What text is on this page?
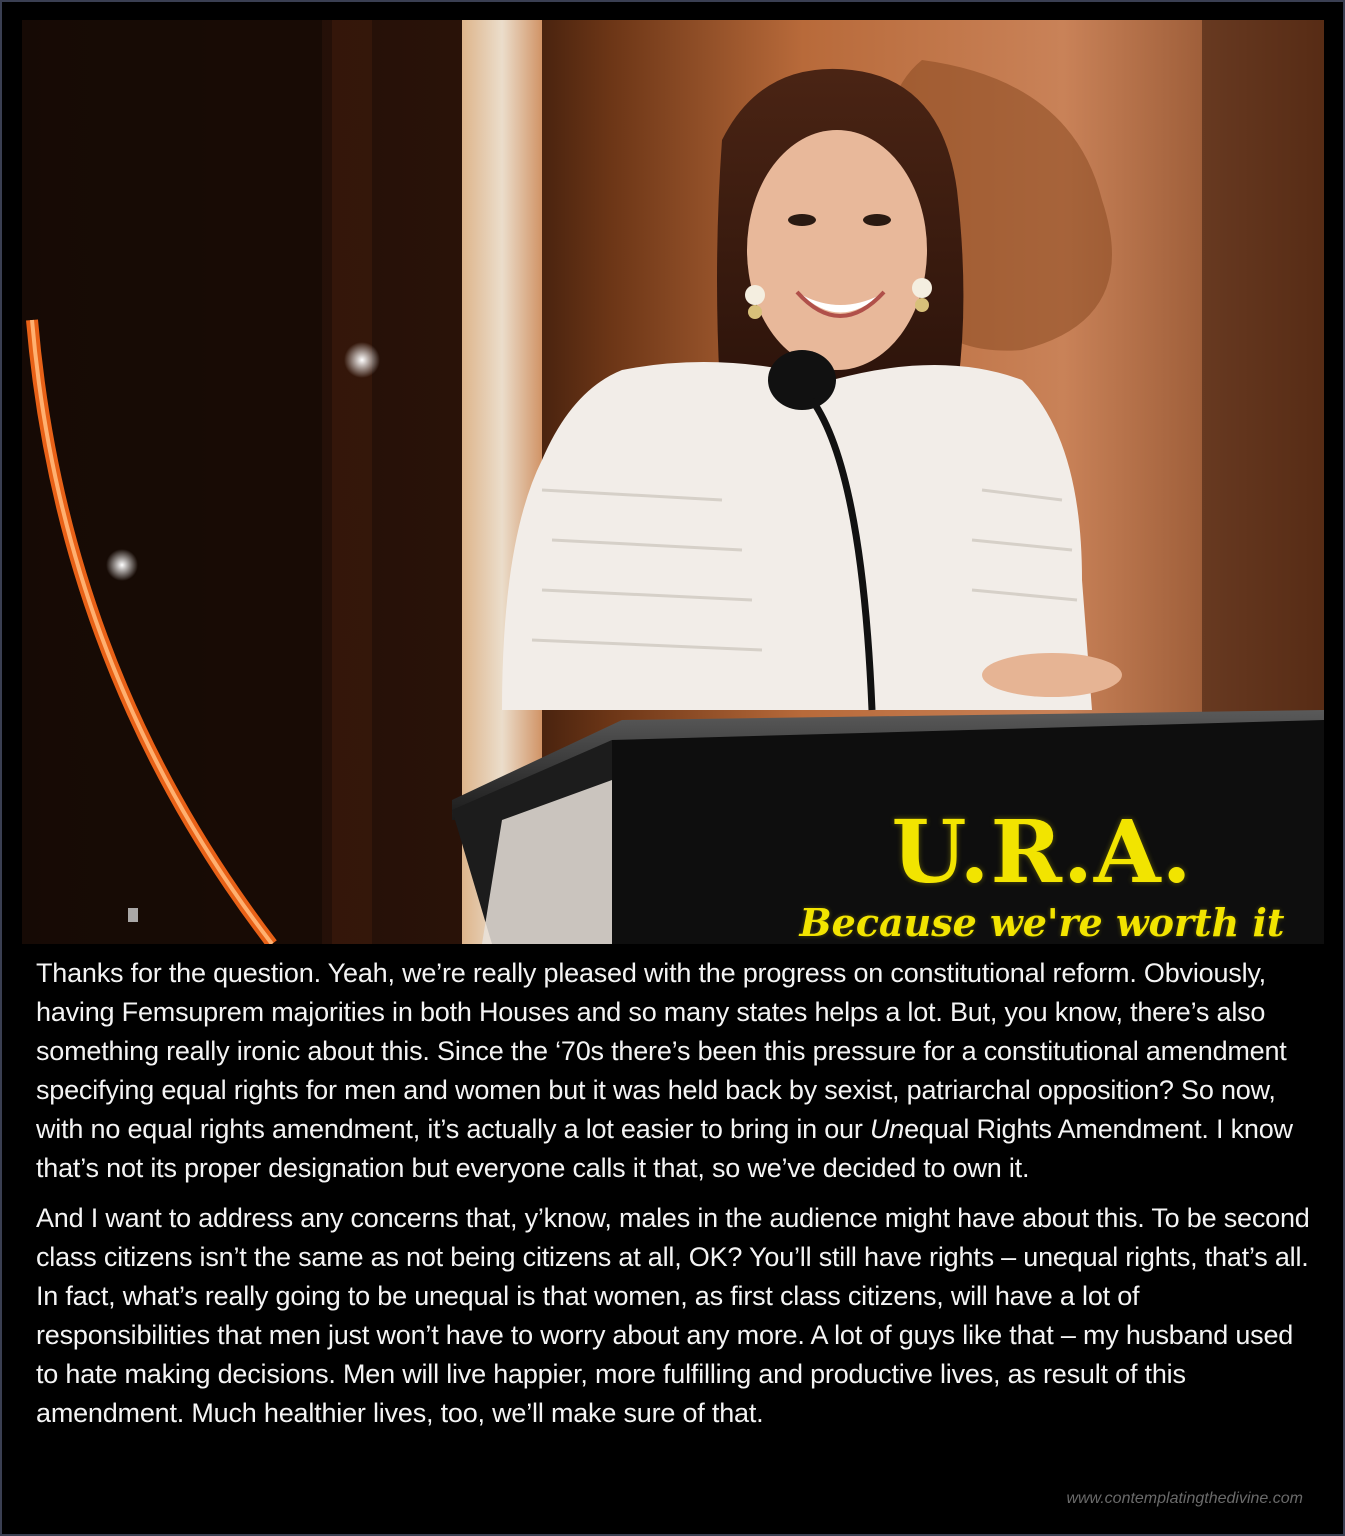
U.R.A.
Because we're worth it

Thanks for the question. Yeah, we’re really pleased with the progress on constitutional reform. Obviously, having Femsuprem majorities in both Houses and so many states helps a lot. But, you know, there’s also something really ironic about this. Since the ‘70s there’s been this pressure for a constitutional amendment specifying equal rights for men and women but it was held back by sexist, patriarchal opposition? So now, with no equal rights amendment, it’s actually a lot easier to bring in our Unequal Rights Amendment. I know that’s not its proper designation but everyone calls it that, so we’ve decided to own it.

And I want to address any concerns that, y’know, males in the audience might have about this. To be second class citizens isn’t the same as not being citizens at all, OK? You’ll still have rights – unequal rights, that’s all. In fact, what’s really going to be unequal is that women, as first class citizens, will have a lot of responsibilities that men just won’t have to worry about any more. A lot of guys like that – my husband used to hate making decisions. Men will live happier, more fulfilling and productive lives, as result of this amendment. Much healthier lives, too, we’ll make sure of that.

www.contemplatingthedivine.com
